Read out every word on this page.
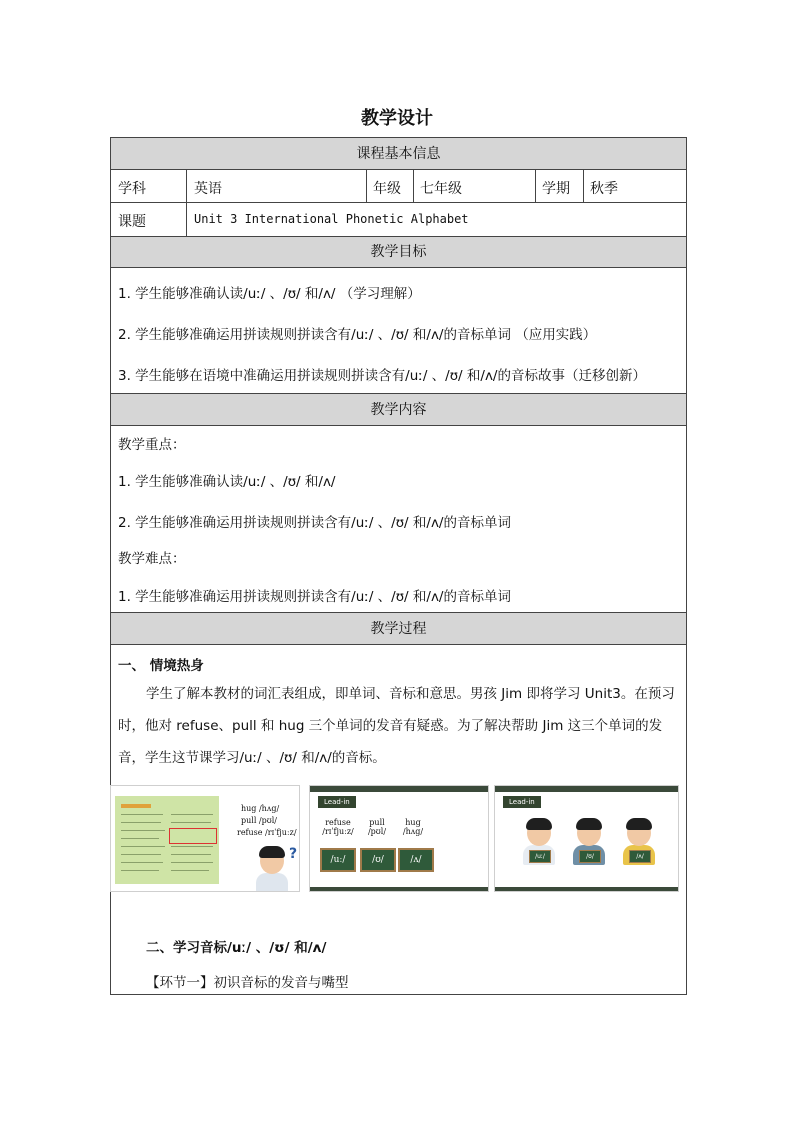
教学设计
课程基本信息
学科	英语	年级 七年级	学期 秋季
课题	Unit 3 International Phonetic Alphabet
教学目标
1. 学生能够准确认读/uː/ 、/ʊ/ 和/ʌ/ （学习理解）
2. 学生能够准确运用拼读规则拼读含有/uː/ 、/ʊ/ 和/ʌ/的音标单词 （应用实践）
3. 学生能够在语境中准确运用拼读规则拼读含有/uː/ 、/ʊ/ 和/ʌ/的音标故事（迁移创新）
教学内容
教学重点：
1. 学生能够准确认读/uː/ 、/ʊ/ 和/ʌ/
2. 学生能够准确运用拼读规则拼读含有/uː/ 、/ʊ/ 和/ʌ/的音标单词
教学难点：
1. 学生能够准确运用拼读规则拼读含有/uː/ 、/ʊ/ 和/ʌ/的音标单词
教学过程
一、 情境热身
学生了解本教材的词汇表组成，即单词、音标和意思。男孩 Jim 即将学习 Unit3。在预习时，他对 refuse、pull 和 hug 三个单词的发音有疑惑。为了解决帮助 Jim 这三个单词的发音，学生这节课学习/uː/ 、/ʊ/ 和/ʌ/的音标。
hug /hʌg/
pull /pʊl/
refuse /rɪˈfjuːz/
?
Lead-in
refuse
/rɪˈfjuːz/
pull
/pʊl/
hug
/hʌg/
/uː/	/ʊ/	/ʌ/
Lead-in
/uː/	/ʊ/	/ʌ/
二、学习音标/uː/ 、/ʊ/ 和/ʌ/
【环节一】初识音标的发音与嘴型
